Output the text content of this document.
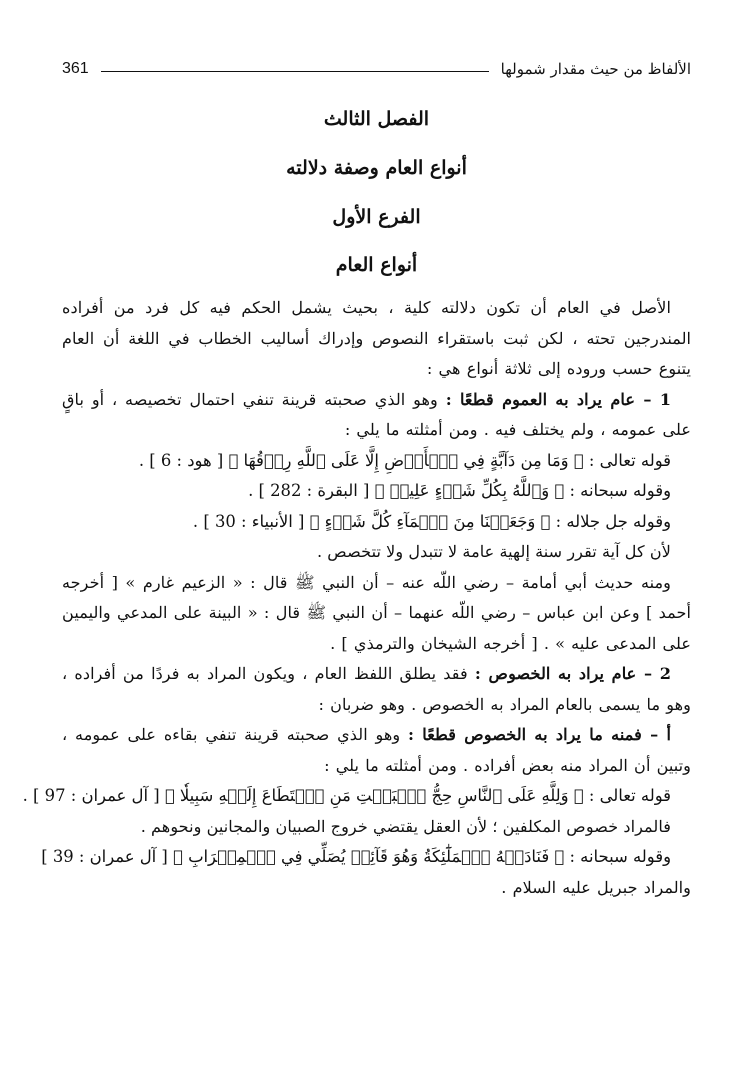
الألفاظ من حيث مقدار شمولها
361
الفصل الثالث
أنواع العام وصفة دلالته
الفرع الأول
أنواع العام

الأصل في العام أن تكون دلالته كلية ، بحيث يشمل الحكم فيه كل فرد من أفراده المندرجين تحته ، لكن ثبت باستقراء النصوص وإدراك أساليب الخطاب في اللغة أن العام يتنوع حسب وروده إلى ثلاثة أنواع هي :

1 – عام يراد به العموم قطعًا : وهو الذي صحبته قرينة تنفي احتمال تخصيصه ، أو باقٍ على عمومه ، ولم يختلف فيه . ومن أمثلته ما يلي :

قوله تعالى : ﴿ وَمَا مِن دَآبَّةٍ فِي ٱلۡأَرۡضِ إِلَّا عَلَى ٱللَّهِ رِزۡقُهَا ﴾ [ هود : 6 ] .

وقوله سبحانه : ﴿ وَٱللَّهُ بِكُلِّ شَيۡءٍ عَلِيمٞ ﴾ [ البقرة : 282 ] .

وقوله جل جلاله : ﴿ وَجَعَلۡنَا مِنَ ٱلۡمَآءِ كُلَّ شَيۡءٍ ﴾ [ الأنبياء : 30 ] .

لأن كل آية تقرر سنة إلهية عامة لا تتبدل ولا تتخصص .

ومنه حديث أبي أمامة – رضي اللّه عنه – أن النبي ﷺ قال : « الزعيم غارم » [ أخرجه أحمد ] وعن ابن عباس – رضي اللّه عنهما – أن النبي ﷺ قال : « البينة على المدعي واليمين على المدعى عليه » . [ أخرجه الشيخان والترمذي ] .

2 – عام يراد به الخصوص : فقد يطلق اللفظ العام ، ويكون المراد به فردًا من أفراده ، وهو ما يسمى بالعام المراد به الخصوص . وهو ضربان :

أ – فمنه ما يراد به الخصوص قطعًا : وهو الذي صحبته قرينة تنفي بقاءه على عمومه ، وتبين أن المراد منه بعض أفراده . ومن أمثلته ما يلي :

قوله تعالى : ﴿ وَلِلَّهِ عَلَى ٱلنَّاسِ حِجُّ ٱلۡبَيۡتِ مَنِ ٱسۡتَطَاعَ إِلَيۡهِ سَبِيلٗا ﴾ [ آل عمران : 97 ] .

فالمراد خصوص المكلفين ؛ لأن العقل يقتضي خروج الصبيان والمجانين ونحوهم .

وقوله سبحانه : ﴿ فَنَادَتۡهُ ٱلۡمَلَٰٓئِكَةُ وَهُوَ قَآئِمٞ يُصَلِّي فِي ٱلۡمِحۡرَابِ ﴾ [ آل عمران : 39 ]

والمراد جبريل عليه السلام .
